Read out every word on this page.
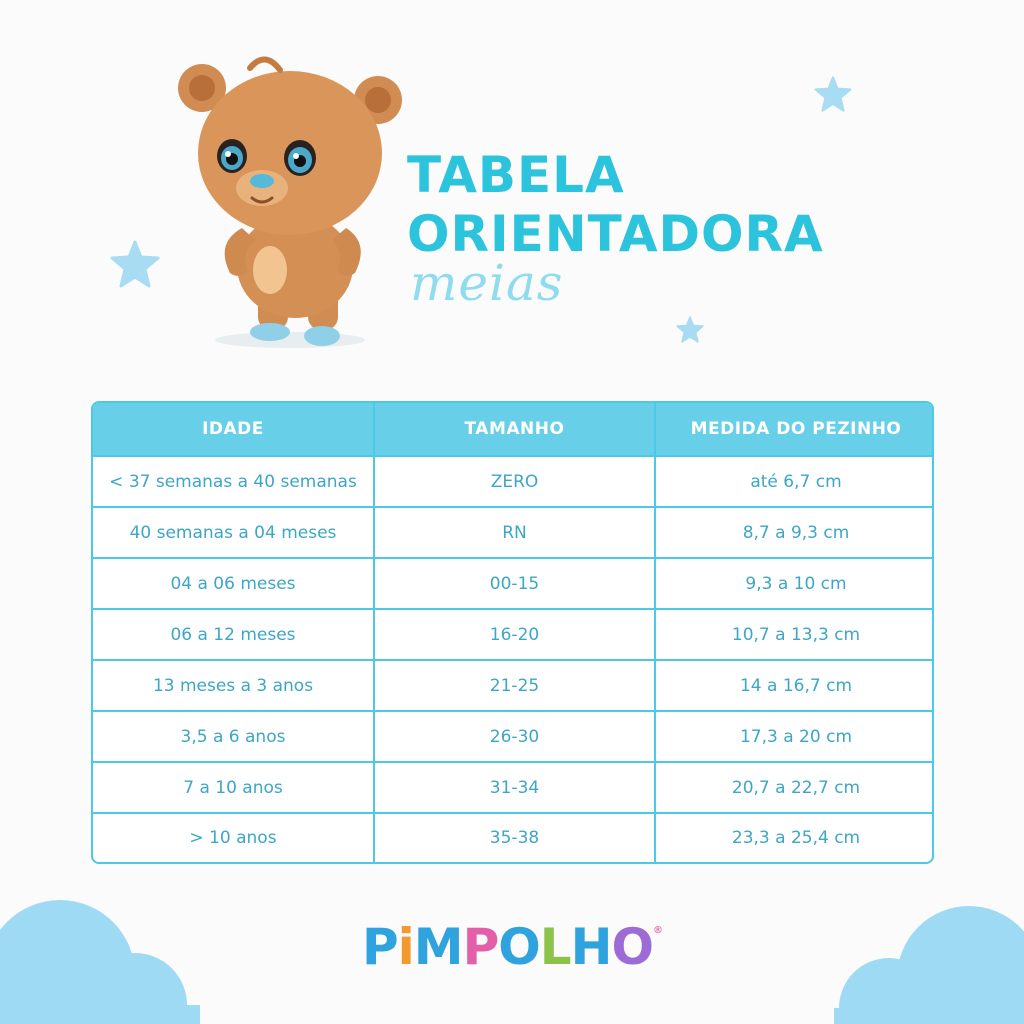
TABELA
ORIENTADORA
meias
IDADE	TAMANHO	MEDIDA DO PEZINHO
< 37 semanas a 40 semanas	ZERO	até 6,7 cm
40 semanas a 04 meses	RN	8,7 a 9,3 cm
04 a 06 meses	00-15	9,3 a 10 cm
06 a 12 meses	16-20	10,7 a 13,3 cm
13 meses a 3 anos	21-25	14 a 16,7 cm
3,5 a 6 anos	26-30	17,3 a 20 cm
7 a 10 anos	31-34	20,7 a 22,7 cm
> 10 anos	35-38	23,3 a 25,4 cm
PiMPOLHO®
